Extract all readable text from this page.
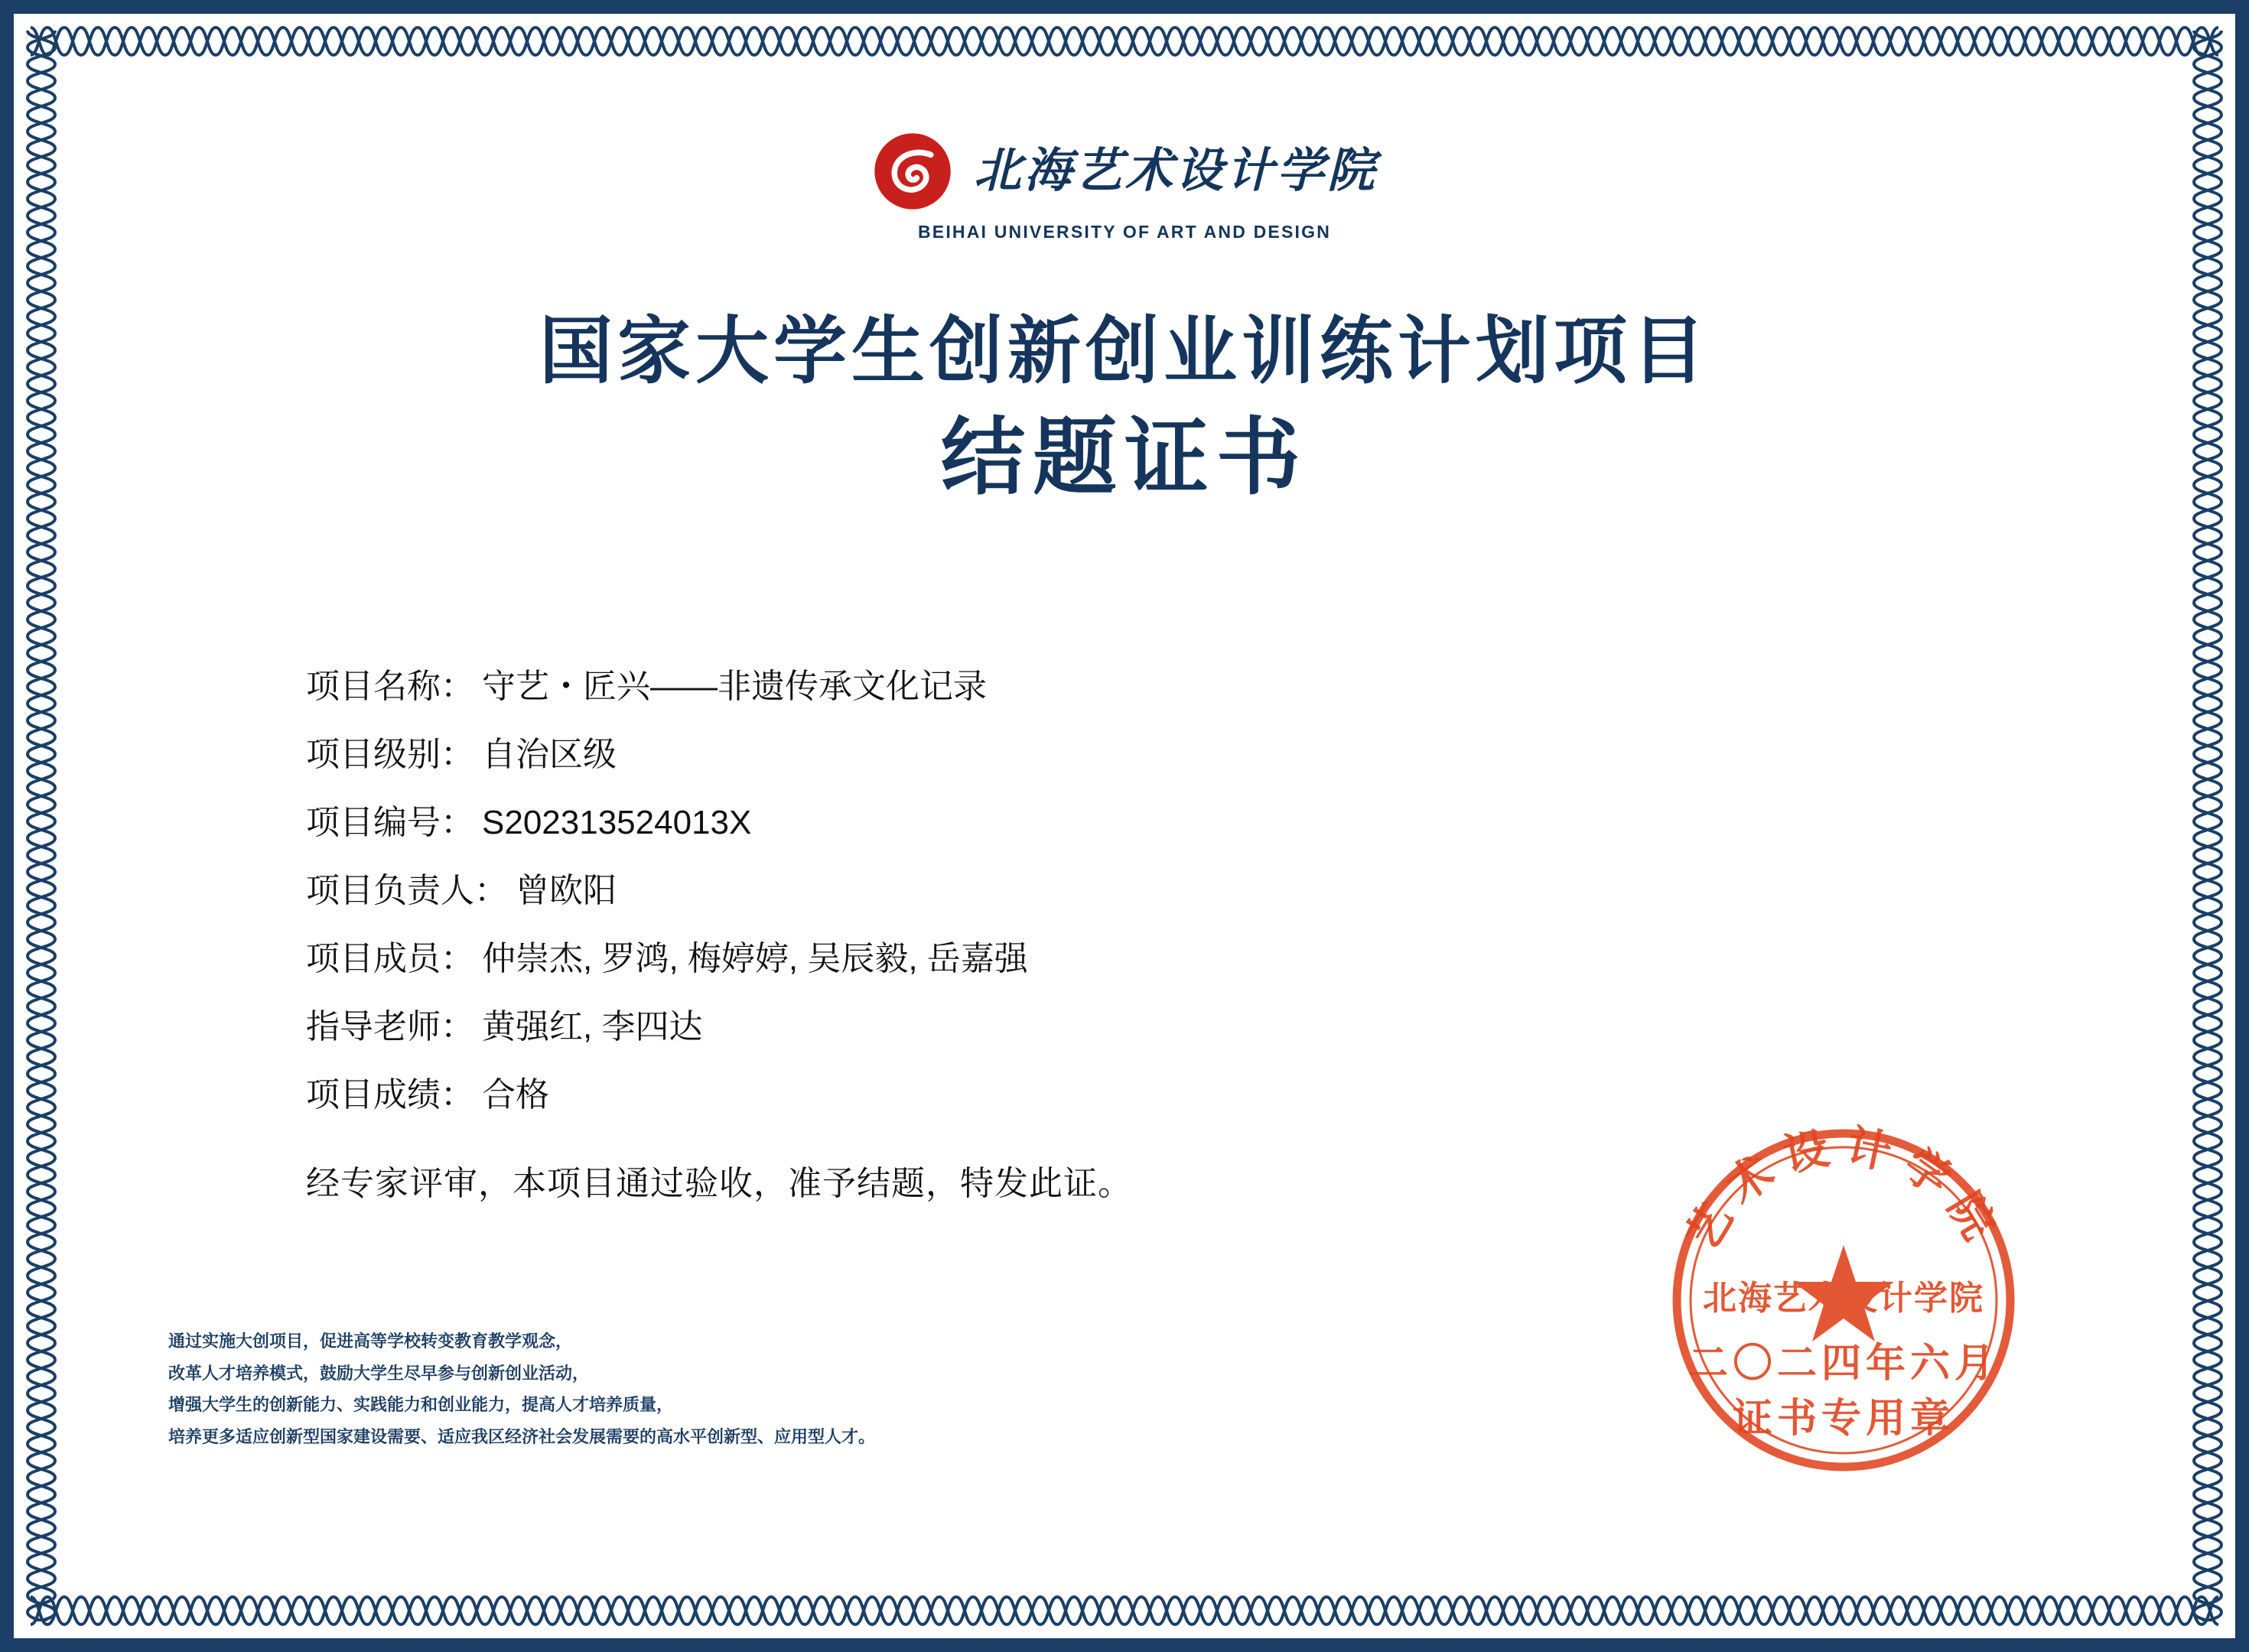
北海艺术设计学院
BEIHAI UNIVERSITY OF ART AND DESIGN
国家大学生创新创业训练计划项目
结题证书
项目名称： 守艺・匠兴——非遗传承文化记录
项目级别： 自治区级
项目编号： S202313524013X
项目负责人： 曾欧阳
项目成员： 仲崇杰, 罗鸿, 梅婷婷, 吴辰毅, 岳嘉强
指导老师： 黄强红, 李四达
项目成绩： 合格
经专家评审，本项目通过验收，准予结题，特发此证。
通过实施大创项目，促进高等学校转变教育教学观念，
改革人才培养模式，鼓励大学生尽早参与创新创业活动，
增强大学生的创新能力、实践能力和创业能力，提高人才培养质量，
培养更多适应创新型国家建设需要、适应我区经济社会发展需要的高水平创新型、应用型人才。
艺术设计学院
北海艺术设计学院
二〇二四年六月
证书专用章
